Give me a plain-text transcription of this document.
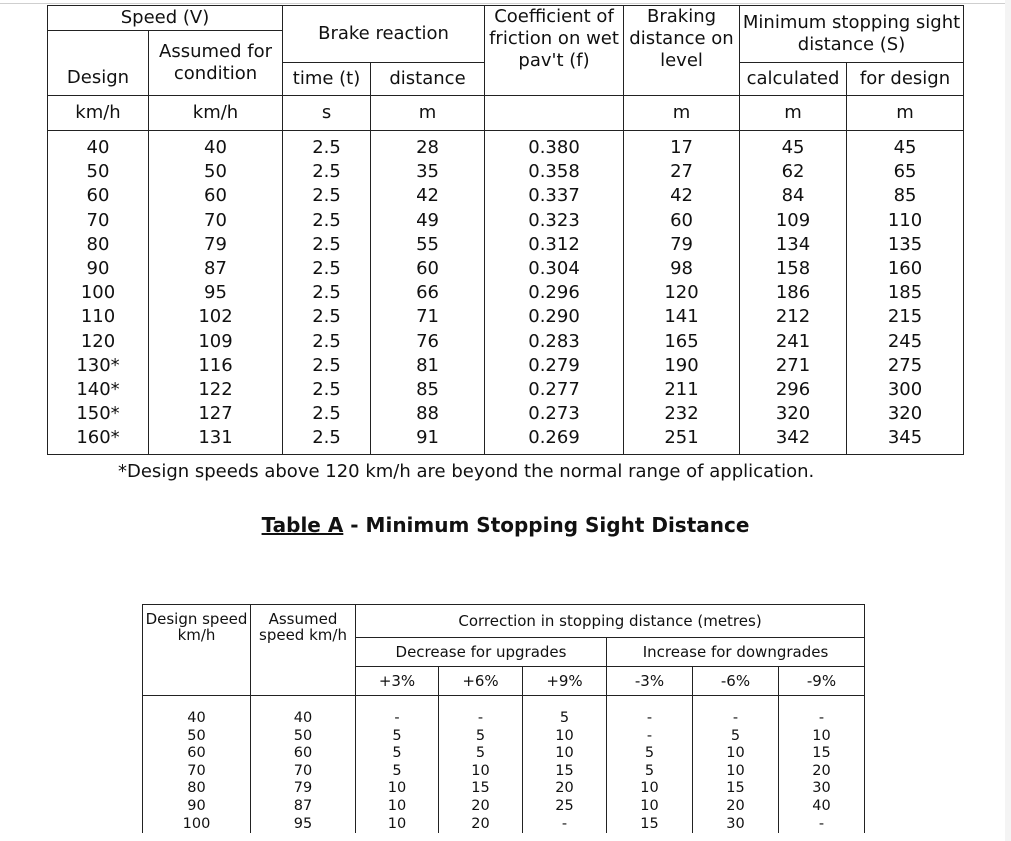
Speed (V)		Brake reaction		Coefficient of friction on wet pav't (f)	Braking distance on level	Minimum stopping sight distance (S)	
Design	Assumed for condition						
		time (t)	distance			calculated	for design
km/h	km/h	s	m		m	m	m
40	40	2.5	28	0.380	17	45	45
50	50	2.5	35	0.358	27	62	65
60	60	2.5	42	0.337	42	84	85
70	70	2.5	49	0.323	60	109	110
80	79	2.5	55	0.312	79	134	135
90	87	2.5	60	0.304	98	158	160
100	95	2.5	66	0.296	120	186	185
110	102	2.5	71	0.290	141	212	215
120	109	2.5	76	0.283	165	241	245
130*	116	2.5	81	0.279	190	271	275
140*	122	2.5	85	0.277	211	296	300
150*	127	2.5	88	0.273	232	320	320
160*	131	2.5	91	0.269	251	342	345
*Design speeds above 120 km/h are beyond the normal range of application.
Table A - Minimum Stopping Sight Distance
Design speed km/h	Assumed speed km/h	Correction in stopping distance (metres)					
		Decrease for upgrades			Increase for downgrades		
		+3%	+6%	+9%	-3%	-6%	-9%
40	40	-	-	5	-	-	-
50	50	5	5	10	-	5	10
60	60	5	5	10	5	10	15
70	70	5	10	15	5	10	20
80	79	10	15	20	10	15	30
90	87	10	20	25	10	20	40
100	95	10	20	-	15	30	-
